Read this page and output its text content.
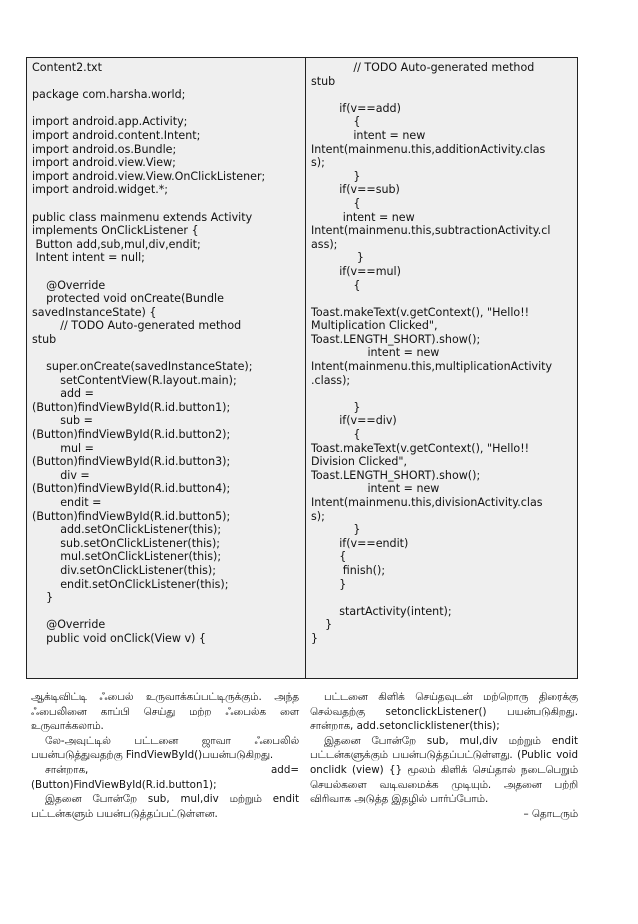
Content2.txt

package com.harsha.world;

import android.app.Activity;
import android.content.Intent;
import android.os.Bundle;
import android.view.View;
import android.view.View.OnClickListener;
import android.widget.*;

public class mainmenu extends Activity
implements OnClickListener {
Button add,sub,mul,div,endit;
Intent intent = null;

@Override
protected void onCreate(Bundle
savedInstanceState) {
// TODO Auto-generated method
stub

super.onCreate(savedInstanceState);
setContentView(R.layout.main);
add =
(Button)findViewById(R.id.button1);
sub =
(Button)findViewById(R.id.button2);
mul =
(Button)findViewById(R.id.button3);
div =
(Button)findViewById(R.id.button4);
endit =
(Button)findViewById(R.id.button5);
add.setOnClickListener(this);
sub.setOnClickListener(this);
mul.setOnClickListener(this);
div.setOnClickListener(this);
endit.setOnClickListener(this);
}

@Override
public void onClick(View v) {
// TODO Auto-generated method
stub

if(v==add)
{
intent = new
Intent(mainmenu.this,additionActivity.clas
s);
}
if(v==sub)
{
intent = new
Intent(mainmenu.this,subtractionActivity.cl
ass);
}
if(v==mul)
{

Toast.makeText(v.getContext(), "Hello!!
Multiplication Clicked",
Toast.LENGTH_SHORT).show();
intent = new
Intent(mainmenu.this,multiplicationActivity
.class);

}
if(v==div)
{
Toast.makeText(v.getContext(), "Hello!!
Division Clicked",
Toast.LENGTH_SHORT).show();
intent = new
Intent(mainmenu.this,divisionActivity.clas
s);
}
if(v==endit)
{
finish();
}

startActivity(intent);
}
}

ஆக்டிவிட்டி ஃபைல் உருவாக்கப்பட்டிருக்கும். அந்த ஃபைலினை காப்பி செய்து மற்ற ஃபைல்க ளை உருவாக்கலாம்.

லே-அவுட்டில் பட்டனை ஜாவா ஃபைலில் பயன்படுத்துவதற்கு FindViewById()பயன்படுகிறது.

சான்றாக, add=(Button)FindViewById(R.id.button1);

இதனை போன்றே sub, mul,div மற்றும் endit பட்டன்களும் பயன்படுத்தப்பட்டுள்ளன.

பட்டனை கிளிக் செய்தவுடன் மற்றொரு திரைக்கு செல்வதற்கு setonclickListener() பயன்படுகிறது. சான்றாக, add.setonclicklistener(this);

இதனை போன்றே sub, mul,div மற்றும் endit பட்டன்களுக்கும் பயன்படுத்தப்பட்டுள்ளது. (Public void onclidk (view) {} மூலம் கிளிக் செய்தால் நடைபெறும் செயல்களை வடிவமைக்க முடியும். அதனை பற்றி விரிவாக அடுத்த இதழில் பார்ப்போம்.

– தொடரும்
